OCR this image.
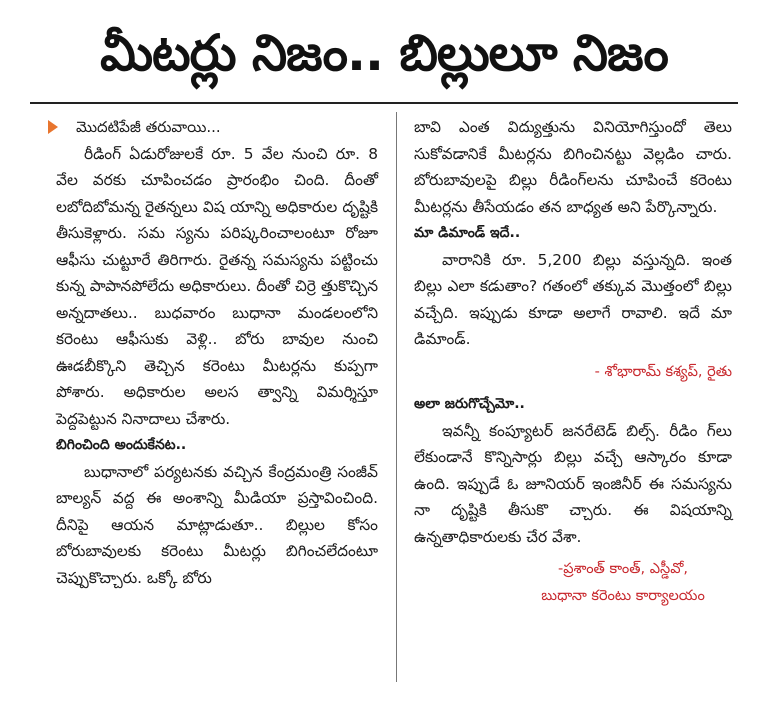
మీటర్లు నిజం.. బిల్లులూ నిజం
మొదటిపేజీ తరువాయి...

రీడింగ్‌ ఏడురోజులకే రూ. 5 వేల నుంచి రూ. 8 వేల వరకు చూపించడం ప్రారంభిం చింది. దీంతో లబోదిబోమన్న రైతన్నలు విష యాన్ని అధికారుల దృష్టికి తీసుకెళ్లారు. సమ స్యను పరిష్కరించాలంటూ రోజూ ఆఫీసు చుట్టూరే తిరిగారు. రైతన్న సమస్యను పట్టించు కున్న పాపానపోలేదు అధికారులు. దీంతో చిర్రె త్తుకొచ్చిన అన్నదాతలు.. బుధవారం బుధానా మండలంలోని కరెంటు ఆఫీసుకు వెళ్లి.. బోరు బావుల నుంచి ఊడబీక్కొని తెచ్చిన కరెంటు మీటర్లను కుప్పగా పోశారు. అధికారుల అలస త్వాన్ని విమర్శిస్తూ పెద్దపెట్టున నినాదాలు చేశారు.

బిగించింది అందుకేనట..

బుధానాలో పర్యటనకు వచ్చిన కేంద్రమంత్రి సంజీవ్‌ బాల్యన్‌ వద్ద ఈ అంశాన్ని మీడియా ప్రస్తావించింది. దీనిపై ఆయన మాట్లాడుతూ.. బిల్లుల కోసం బోరుబావులకు కరెంటు మీటర్లు బిగించలేదంటూ చెప్పుకొచ్చారు. ఒక్కో బోరు

బావి ఎంత విద్యుత్తును వినియోగిస్తుందో తెలు సుకోవడానికే మీటర్లను బిగించినట్టు వెల్లడిం చారు. బోరుబావులపై బిల్లు రీడింగ్‌లను చూపించే కరెంటు మీటర్లను తీసేయడం తన బాధ్యత అని పేర్కొన్నారు.

మా డిమాండ్‌ ఇదే..

వారానికి రూ. 5,200 బిల్లు వస్తున్నది. ఇంత బిల్లు ఎలా కడుతాం? గతంలో తక్కువ మొత్తంలో బిల్లు వచ్చేది. ఇప్పుడు కూడా అలాగే రావాలి. ఇదే మా డిమాండ్‌.

- శోభారామ్‌ కశ్యప్‌, రైతు

అలా జరుగొచ్చేమో..

ఇవన్నీ కంప్యూటర్‌ జనరేటెడ్‌ బిల్స్‌. రీడిం గ్‌లు లేకుండానే కొన్నిసార్లు బిల్లు వచ్చే ఆస్కారం కూడా ఉంది. ఇప్పుడే ఓ జూనియర్‌ ఇంజినీర్‌ ఈ సమస్యను నా దృష్టికి తీసుకొ చ్చారు. ఈ విషయాన్ని ఉన్నతాధికారులకు చేర వేశా.

-ప్రశాంత్‌ కాంత్‌, ఎస్డీవో,

బుధానా కరెంటు కార్యాలయం
